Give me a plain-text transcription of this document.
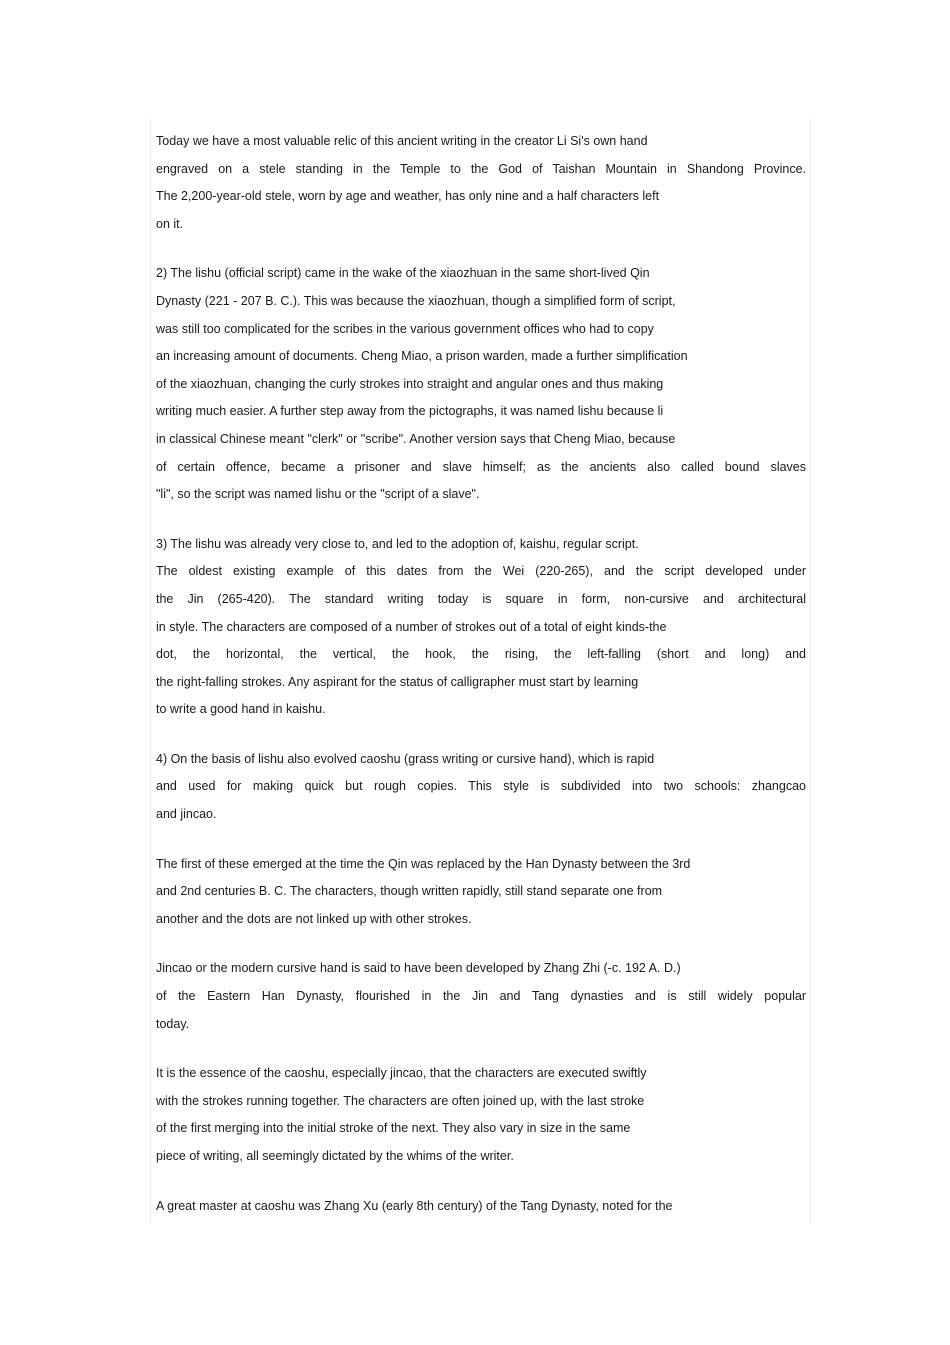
Today we have a most valuable relic of this ancient writing in the creator Li Si's own hand
engraved on a stele standing in the Temple to the God of Taishan Mountain in Shandong Province.
The 2,200-year-old stele, worn by age and weather, has only nine and a half characters left
on it.
2) The lishu (official script) came in the wake of the xiaozhuan in the same short-lived Qin
Dynasty (221 - 207 B. C.). This was because the xiaozhuan, though a simplified form of script,
was still too complicated for the scribes in the various government offices who had to copy
an increasing amount of documents. Cheng Miao, a prison warden, made a further simplification
of the xiaozhuan, changing the curly strokes into straight and angular ones and thus making
writing much easier. A further step away from the pictographs, it was named lishu because li
in classical Chinese meant "clerk" or "scribe". Another version says that Cheng Miao, because
of certain offence, became a prisoner and slave himself; as the ancients also called bound slaves
"li", so the script was named lishu or the "script of a slave".
3) The lishu was already very close to, and led to the adoption of, kaishu, regular script.
The oldest existing example of this dates from the Wei (220-265), and the script developed under
the Jin (265-420). The standard writing today is square in form, non-cursive and architectural
in style. The characters are composed of a number of strokes out of a total of eight kinds-the
dot, the horizontal, the vertical, the hook, the rising, the left-falling (short and long) and
the right-falling strokes. Any aspirant for the status of calligrapher must start by learning
to write a good hand in kaishu.
4) On the basis of lishu also evolved caoshu (grass writing or cursive hand), which is rapid
and used for making quick but rough copies. This style is subdivided into two schools: zhangcao
and jincao.
The first of these emerged at the time the Qin was replaced by the Han Dynasty between the 3rd
and 2nd centuries B. C. The characters, though written rapidly, still stand separate one from
another and the dots are not linked up with other strokes.
Jincao or the modern cursive hand is said to have been developed by Zhang Zhi (-c. 192 A. D.)
of the Eastern Han Dynasty, flourished in the Jin and Tang dynasties and is still widely popular
today.
It is the essence of the caoshu, especially jincao, that the characters are executed swiftly
with the strokes running together. The characters are often joined up, with the last stroke
of the first merging into the initial stroke of the next. They also vary in size in the same
piece of writing, all seemingly dictated by the whims of the writer.
A great master at caoshu was Zhang Xu (early 8th century) of the Tang Dynasty, noted for the
